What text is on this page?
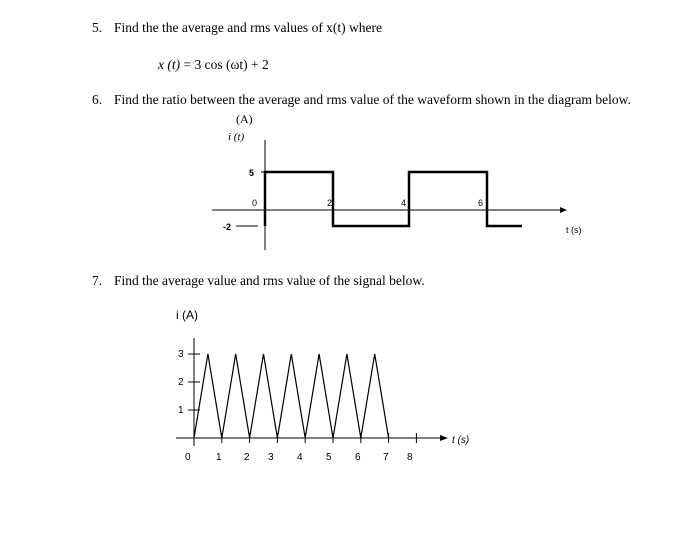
5. Find the the average and rms values of x(t) where
x (t) = 3 cos (ωt) + 2
6. Find the ratio between the average and rms value of the waveform shown in the diagram below.
7. Find the average value and rms value of the signal below.
(A)
i (t)
5
0
-2
2	4	6
t (s)
i (A)
3
2
1
t (s)
0	1 2 3 4 5 6 7 8
